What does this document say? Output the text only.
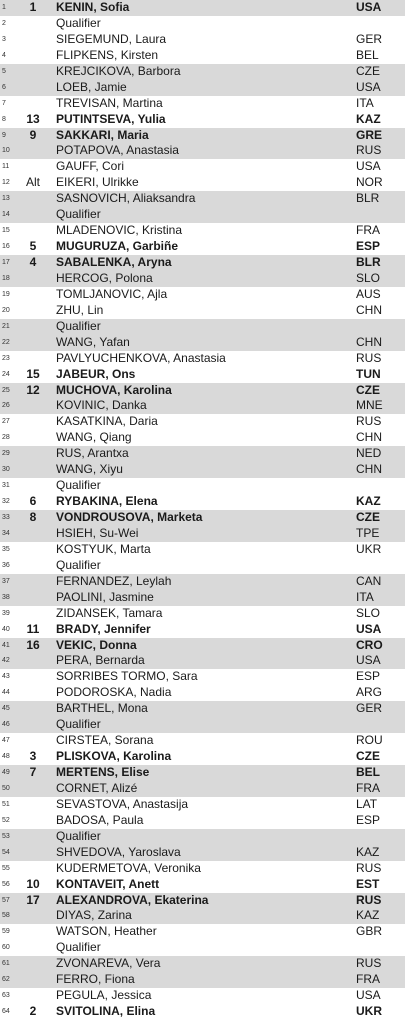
1	1	KENIN, Sofia	USA
2	Qualifier
3	SIEGEMUND, Laura	GER
4	FLIPKENS, Kirsten	BEL
5	KREJCIKOVA, Barbora	CZE
6	LOEB, Jamie	USA
7	TREVISAN, Martina	ITA
8	13	PUTINTSEVA, Yulia	KAZ
9	9	SAKKARI, Maria	GRE
10	POTAPOVA, Anastasia	RUS
11	GAUFF, Cori	USA
12	Alt	EIKERI, Ulrikke	NOR
13	SASNOVICH, Aliaksandra	BLR
14	Qualifier
15	MLADENOVIC, Kristina	FRA
16	5	MUGURUZA, Garbiñe	ESP
17	4	SABALENKA, Aryna	BLR
18	HERCOG, Polona	SLO
19	TOMLJANOVIC, Ajla	AUS
20	ZHU, Lin	CHN
21	Qualifier
22	WANG, Yafan	CHN
23	PAVLYUCHENKOVA, Anastasia	RUS
24	15	JABEUR, Ons	TUN
25	12	MUCHOVA, Karolina	CZE
26	KOVINIC, Danka	MNE
27	KASATKINA, Daria	RUS
28	WANG, Qiang	CHN
29	RUS, Arantxa	NED
30	WANG, Xiyu	CHN
31	Qualifier
32	6	RYBAKINA, Elena	KAZ
33	8	VONDROUSOVA, Marketa	CZE
34	HSIEH, Su-Wei	TPE
35	KOSTYUK, Marta	UKR
36	Qualifier
37	FERNANDEZ, Leylah	CAN
38	PAOLINI, Jasmine	ITA
39	ZIDANSEK, Tamara	SLO
40	11	BRADY, Jennifer	USA
41	16	VEKIC, Donna	CRO
42	PERA, Bernarda	USA
43	SORRIBES TORMO, Sara	ESP
44	PODOROSKA, Nadia	ARG
45	BARTHEL, Mona	GER
46	Qualifier
47	CIRSTEA, Sorana	ROU
48	3	PLISKOVA, Karolina	CZE
49	7	MERTENS, Elise	BEL
50	CORNET, Alizé	FRA
51	SEVASTOVA, Anastasija	LAT
52	BADOSA, Paula	ESP
53	Qualifier
54	SHVEDOVA, Yaroslava	KAZ
55	KUDERMETOVA, Veronika	RUS
56	10	KONTAVEIT, Anett	EST
57	17	ALEXANDROVA, Ekaterina	RUS
58	DIYAS, Zarina	KAZ
59	WATSON, Heather	GBR
60	Qualifier
61	ZVONAREVA, Vera	RUS
62	FERRO, Fiona	FRA
63	PEGULA, Jessica	USA
64	2	SVITOLINA, Elina	UKR
